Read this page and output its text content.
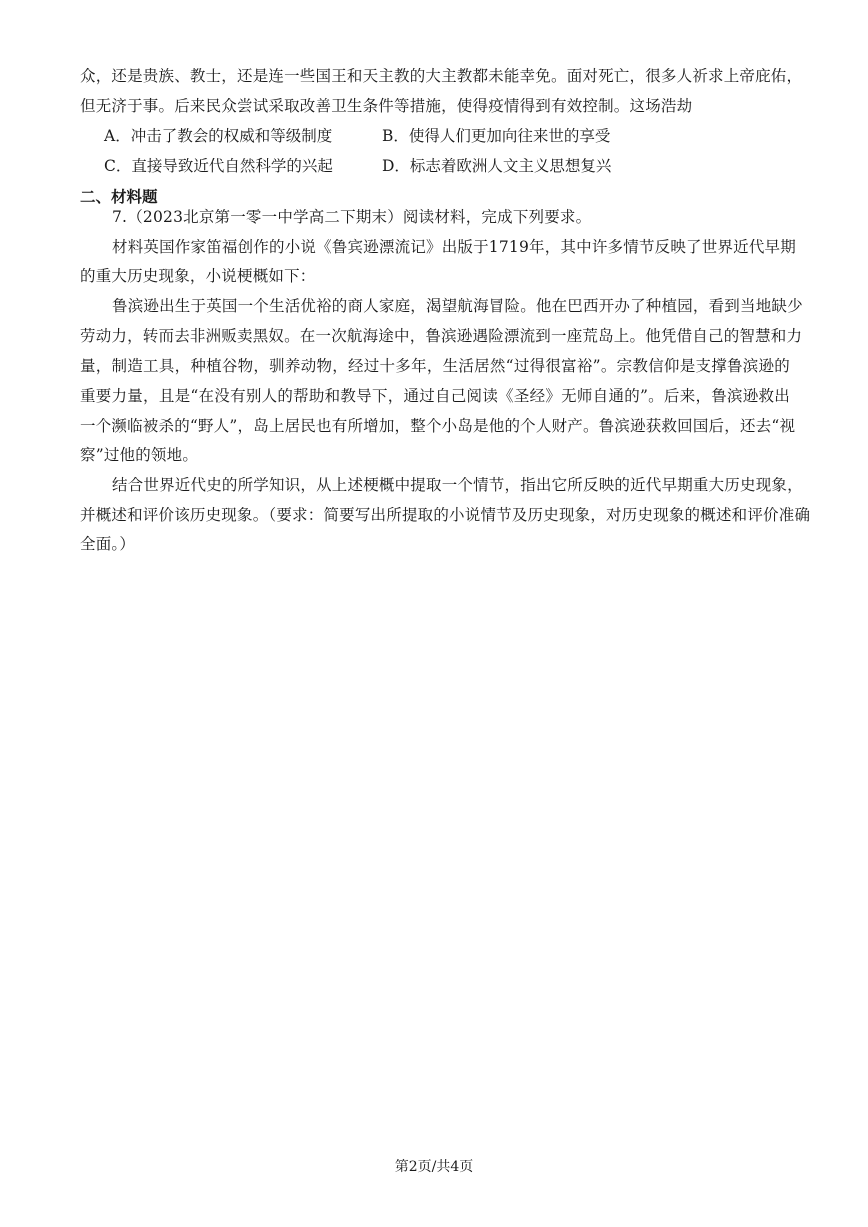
众，还是贵族、教士，还是连一些国王和天主教的大主教都未能幸免。面对死亡，很多人祈求上帝庇佑，
但无济于事。后来民众尝试采取改善卫生条件等措施，使得疫情得到有效控制。这场浩劫
A．冲击了教会的权威和等级制度	B．使得人们更加向往来世的享受
C．直接导致近代自然科学的兴起	D．标志着欧洲人文主义思想复兴
二、材料题
7.（2023北京第一零一中学高二下期末）阅读材料，完成下列要求。
材料英国作家笛福创作的小说《鲁宾逊漂流记》出版于1719年，其中许多情节反映了世界近代早期
的重大历史现象，小说梗概如下：
鲁滨逊出生于英国一个生活优裕的商人家庭，渴望航海冒险。他在巴西开办了种植园，看到当地缺少
劳动力，转而去非洲贩卖黑奴。在一次航海途中，鲁滨逊遇险漂流到一座荒岛上。他凭借自己的智慧和力
量，制造工具，种植谷物，驯养动物，经过十多年，生活居然“过得很富裕”。宗教信仰是支撑鲁滨逊的
重要力量，且是“在没有别人的帮助和教导下，通过自己阅读《圣经》无师自通的”。后来，鲁滨逊救出
一个濒临被杀的“野人”，岛上居民也有所增加，整个小岛是他的个人财产。鲁滨逊获救回国后，还去“视
察”过他的领地。
结合世界近代史的所学知识，从上述梗概中提取一个情节，指出它所反映的近代早期重大历史现象，
并概述和评价该历史现象。（要求：简要写出所提取的小说情节及历史现象，对历史现象的概述和评价准确
全面。）
第2页/共4页
